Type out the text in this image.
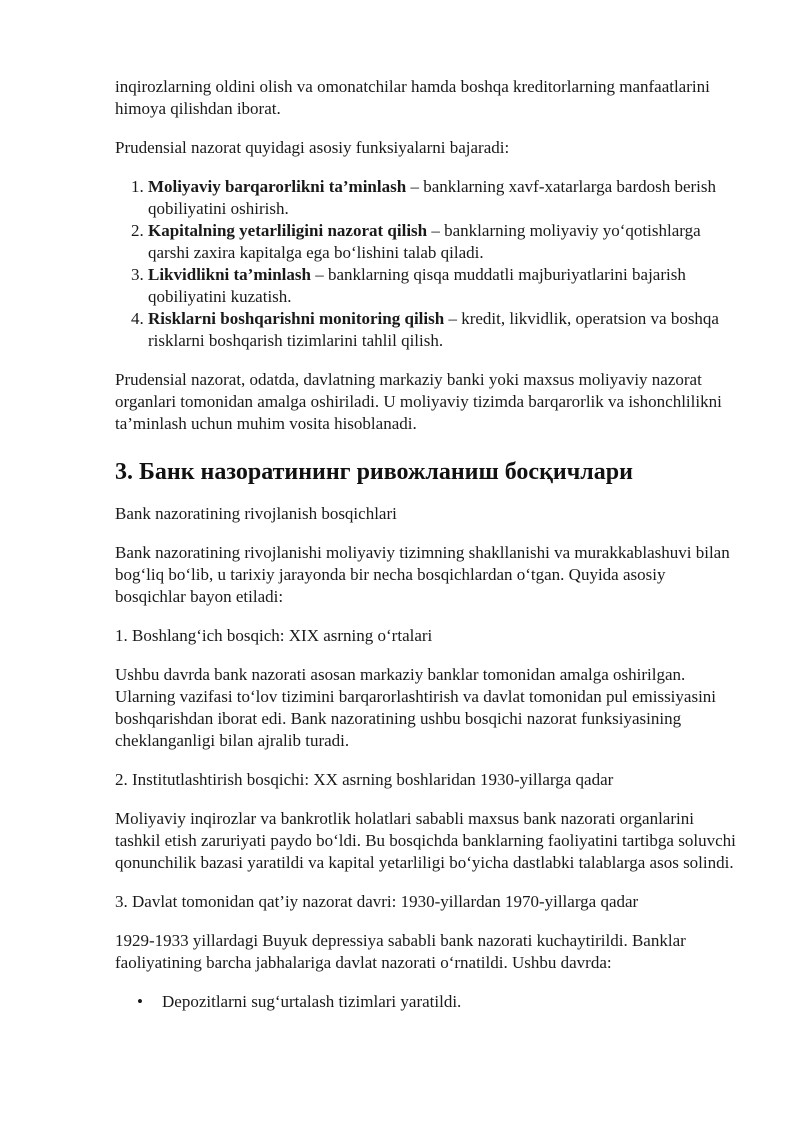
inqirozlarning oldini olish va omonatchilar hamda boshqa kreditorlarning manfaatlarini himoya qilishdan iborat.

Prudensial nazorat quyidagi asosiy funksiyalarni bajaradi:

1. Moliyaviy barqarorlikni ta’minlash – banklarning xavf-xatarlarga bardosh berish qobiliyatini oshirish.
2. Kapitalning yetarliligini nazorat qilish – banklarning moliyaviy yo‘qotishlarga qarshi zaxira kapitalga ega bo‘lishini talab qiladi.
3. Likvidlikni ta’minlash – banklarning qisqa muddatli majburiyatlarini bajarish qobiliyatini kuzatish.
4. Risklarni boshqarishni monitoring qilish – kredit, likvidlik, operatsion va boshqa risklarni boshqarish tizimlarini tahlil qilish.

Prudensial nazorat, odatda, davlatning markaziy banki yoki maxsus moliyaviy nazorat organlari tomonidan amalga oshiriladi. U moliyaviy tizimda barqarorlik va ishonchlilikni ta’minlash uchun muhim vosita hisoblanadi.

3. Банк назоратининг ривожланиш босқичлари

Bank nazoratining rivojlanish bosqichlari

Bank nazoratining rivojlanishi moliyaviy tizimning shakllanishi va murakkablashuvi bilan bog‘liq bo‘lib, u tarixiy jarayonda bir necha bosqichlardan o‘tgan. Quyida asosiy bosqichlar bayon etiladi:

1. Boshlang‘ich bosqich: XIX asrning o‘rtalari

Ushbu davrda bank nazorati asosan markaziy banklar tomonidan amalga oshirilgan. Ularning vazifasi to‘lov tizimini barqarorlashtirish va davlat tomonidan pul emissiyasini boshqarishdan iborat edi. Bank nazoratining ushbu bosqichi nazorat funksiyasining cheklanganligi bilan ajralib turadi.

2. Institutlashtirish bosqichi: XX asrning boshlaridan 1930-yillarga qadar

Moliyaviy inqirozlar va bankrotlik holatlari sababli maxsus bank nazorati organlarini tashkil etish zaruriyati paydo bo‘ldi. Bu bosqichda banklarning faoliyatini tartibga soluvchi qonunchilik bazasi yaratildi va kapital yetarliligi bo‘yicha dastlabki talablarga asos solindi.

3. Davlat tomonidan qat’iy nazorat davri: 1930-yillardan 1970-yillarga qadar

1929-1933 yillardagi Buyuk depressiya sababli bank nazorati kuchaytirildi. Banklar faoliyatining barcha jabhalariga davlat nazorati o‘rnatildi. Ushbu davrda:

• Depozitlarni sug‘urtalash tizimlari yaratildi.
